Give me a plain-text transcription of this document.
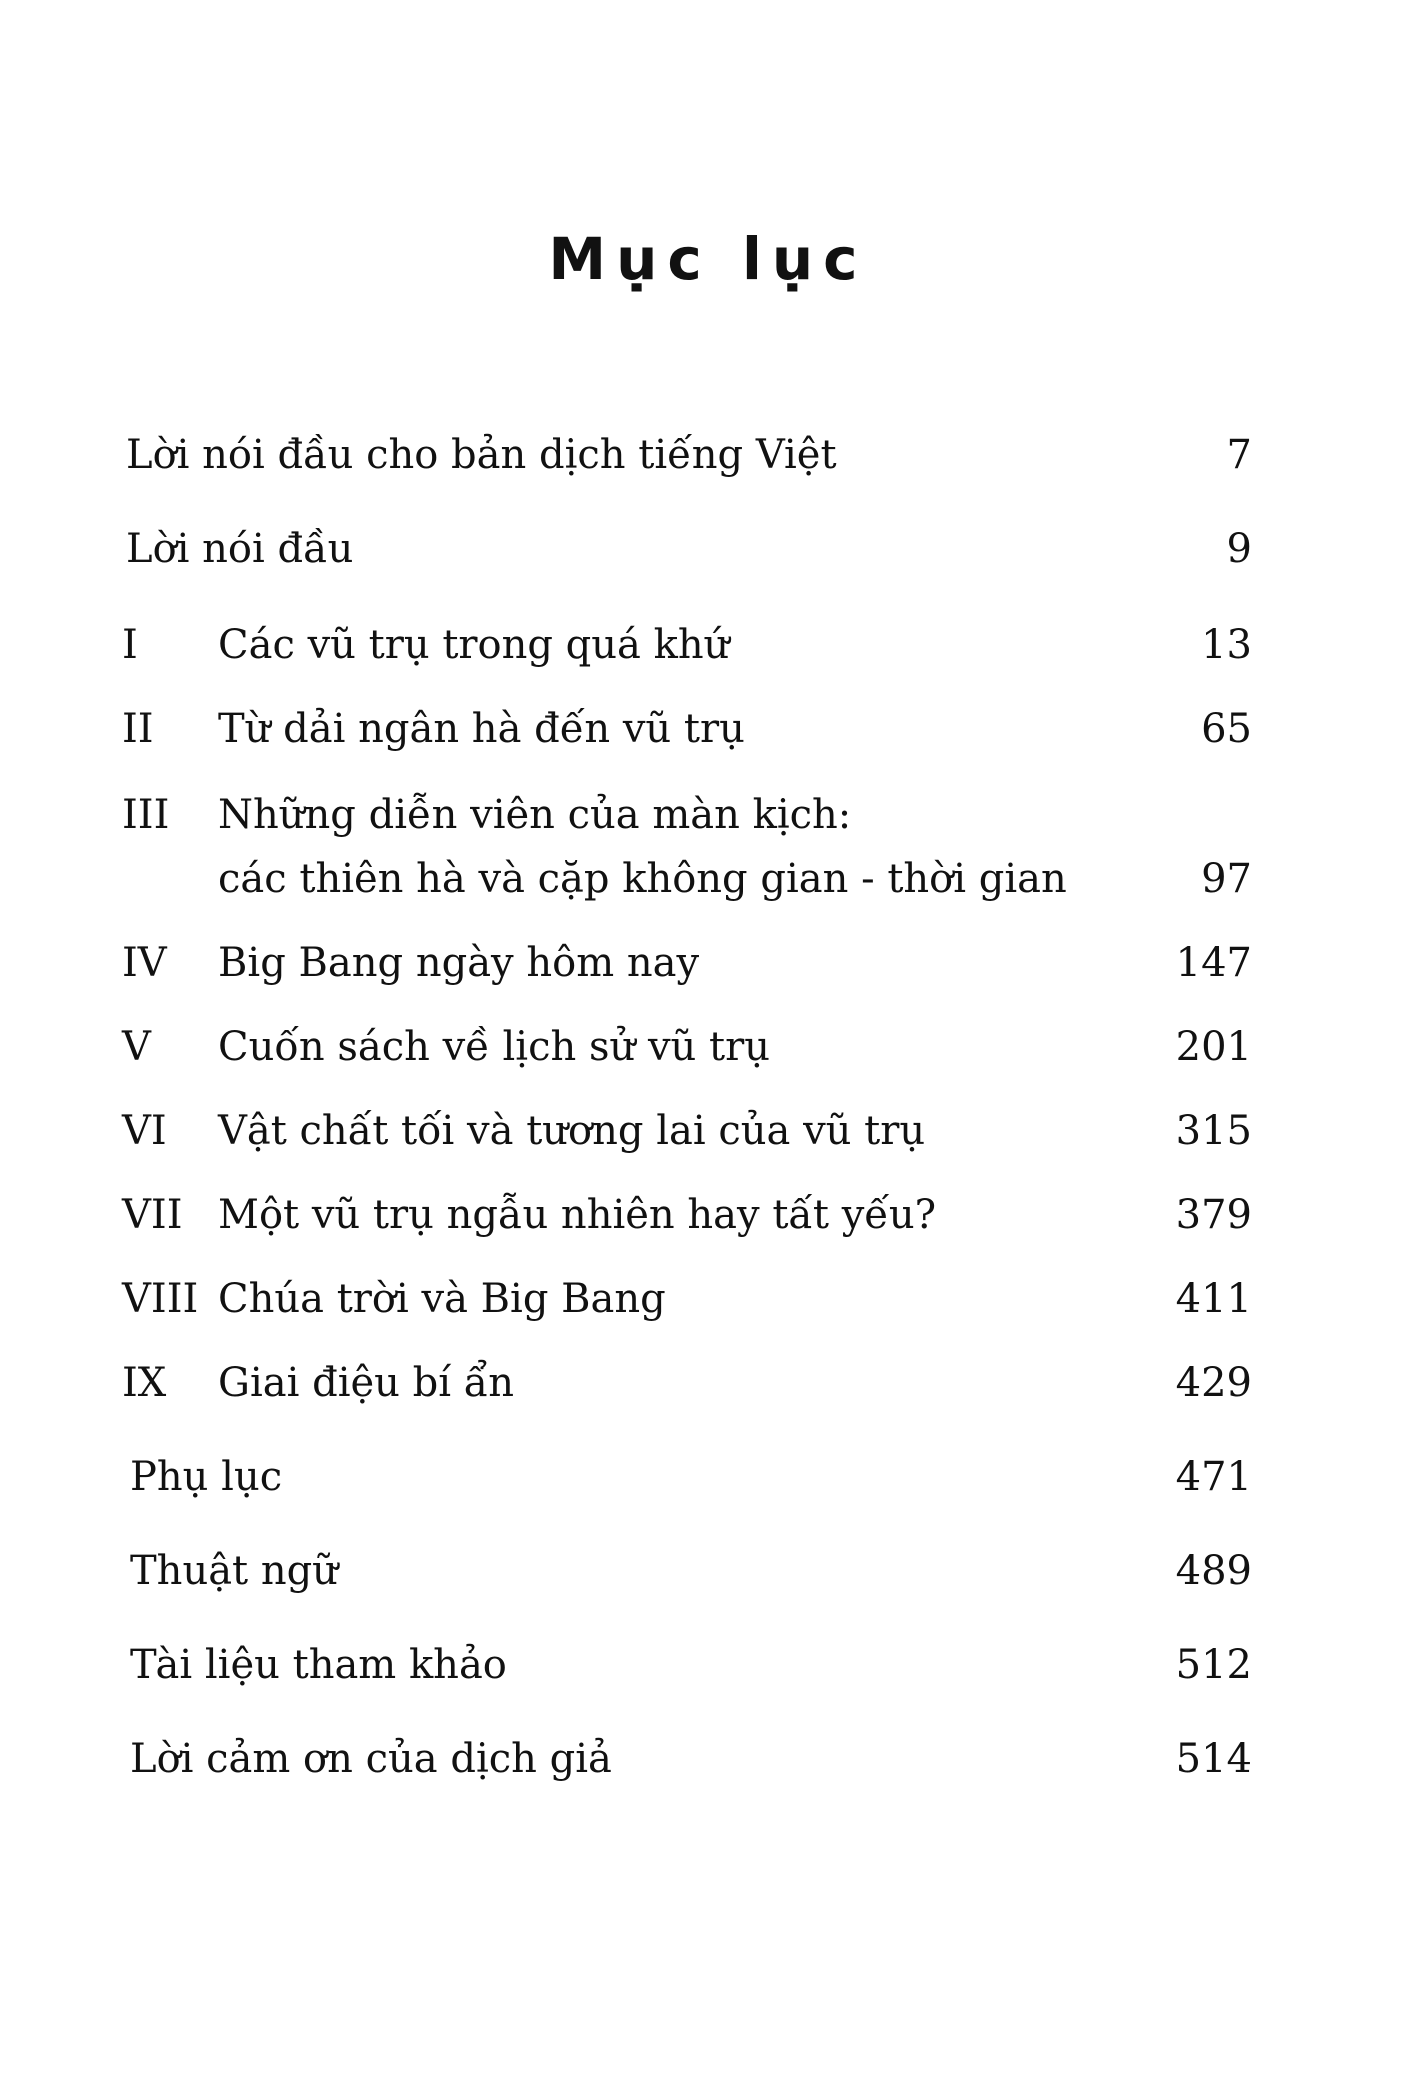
Mục lục
Lời nói đầu cho bản dịch tiếng Việt	7
Lời nói đầu	9
I Các vũ trụ trong quá khứ	13
II Từ dải ngân hà đến vũ trụ	65
III Những diễn viên của màn kịch:
các thiên hà và cặp không gian - thời gian	97
IV Big Bang ngày hôm nay	147
V Cuốn sách về lịch sử vũ trụ	201
VI Vật chất tối và tương lai của vũ trụ	315
VII Một vũ trụ ngẫu nhiên hay tất yếu?	379
VIII Chúa trời và Big Bang	411
IX Giai điệu bí ẩn	429
Phụ lục	471
Thuật ngữ	489
Tài liệu tham khảo	512
Lời cảm ơn của dịch giả	514
